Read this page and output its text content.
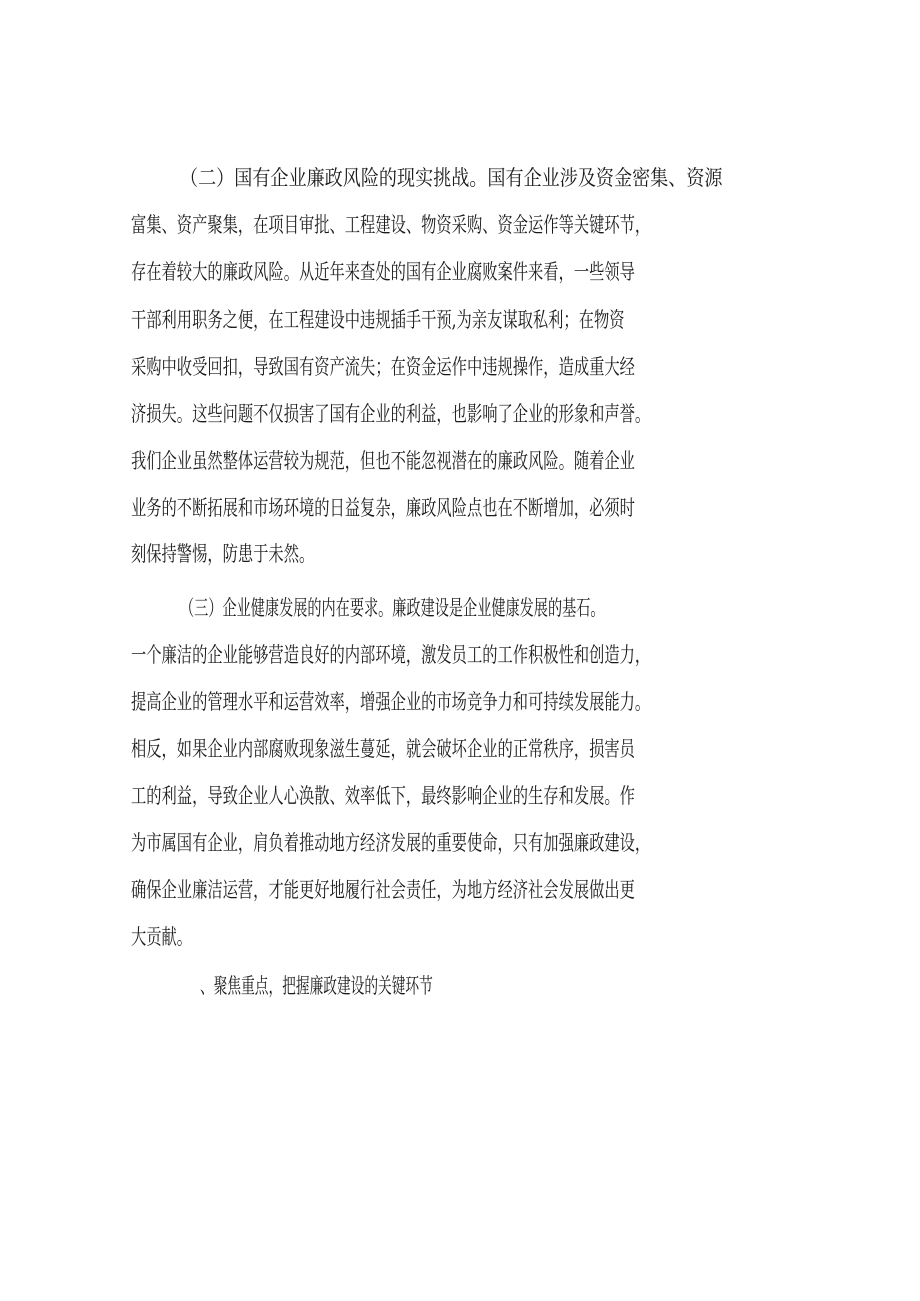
（二）国有企业廉政风险的现实挑战。国有企业涉及资金密集、资源

富集、资产聚集，在项目审批、工程建设、物资采购、资金运作等关键环节，

存在着较大的廉政风险。从近年来查处的国有企业腐败案件来看，一些领导

干部利用职务之便，在工程建设中违规插手干预,为亲友谋取私利；在物资

采购中收受回扣，导致国有资产流失；在资金运作中违规操作，造成重大经

济损失。这些问题不仅损害了国有企业的利益，也影响了企业的形象和声誉。

我们企业虽然整体运营较为规范，但也不能忽视潜在的廉政风险。随着企业

业务的不断拓展和市场环境的日益复杂，廉政风险点也在不断增加，必须时

刻保持警惕，防患于未然。

（三）企业健康发展的内在要求。廉政建设是企业健康发展的基石。

一个廉洁的企业能够营造良好的内部环境，激发员工的工作积极性和创造力，

提高企业的管理水平和运营效率，增强企业的市场竞争力和可持续发展能力。

相反，如果企业内部腐败现象滋生蔓延，就会破坏企业的正常秩序，损害员

工的利益，导致企业人心涣散、效率低下，最终影响企业的生存和发展。作

为市属国有企业，肩负着推动地方经济发展的重要使命，只有加强廉政建设，

确保企业廉洁运营，才能更好地履行社会责任，为地方经济社会发展做出更

大贡献。

、聚焦重点，把握廉政建设的关键环节
